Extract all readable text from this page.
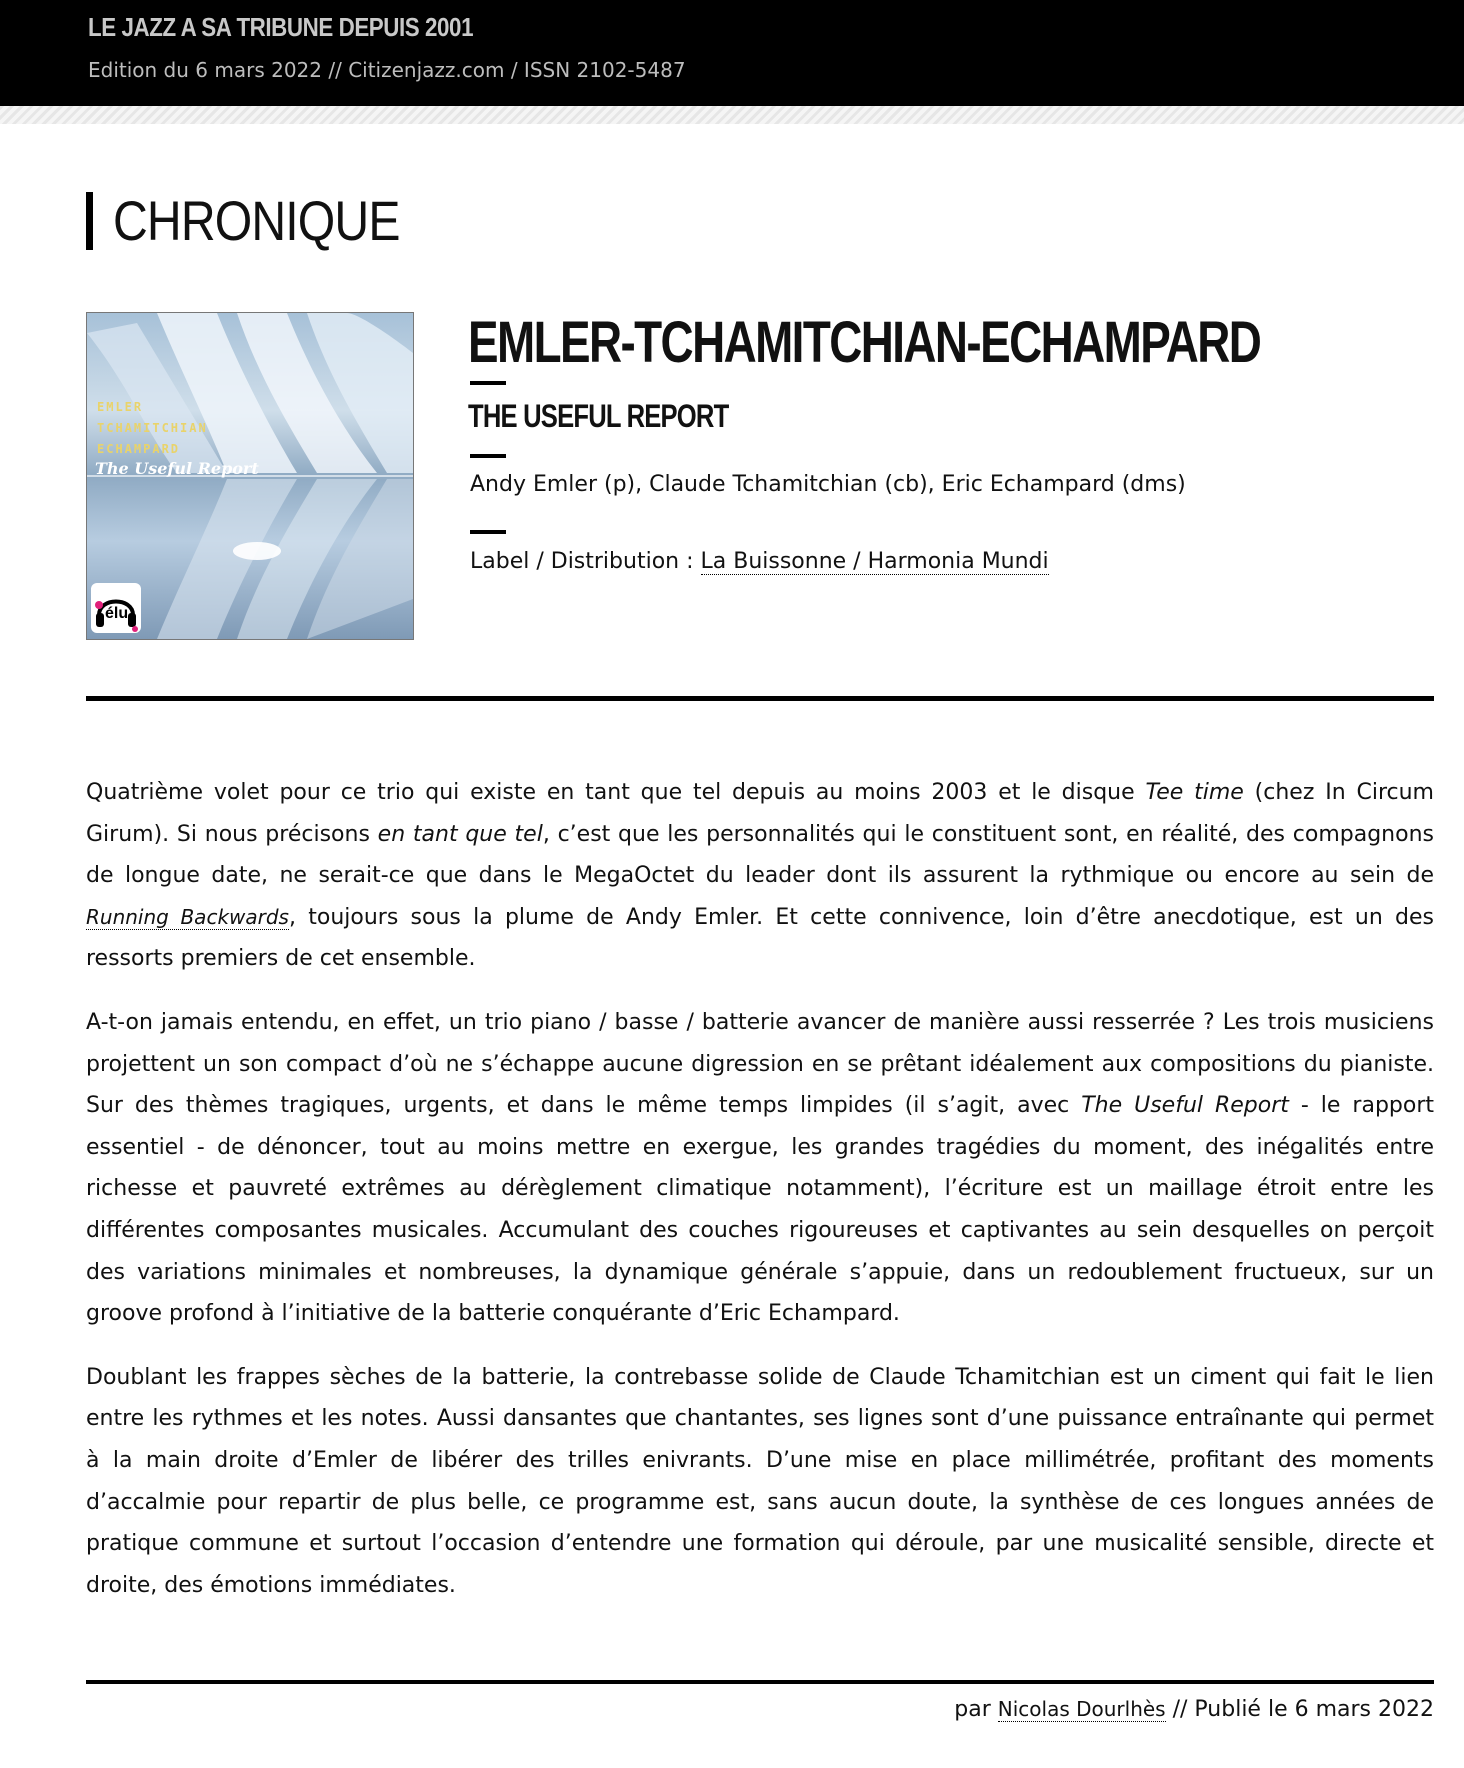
LE JAZZ A SA TRIBUNE DEPUIS 2001
Edition du 6 mars 2022 // Citizenjazz.com / ISSN 2102-5487
CHRONIQUE
EMLER
TCHAMITCHIAN
ECHAMPARD
The Useful Report
élu
EMLER-TCHAMITCHIAN-ECHAMPARD
THE USEFUL REPORT
Andy Emler (p), Claude Tchamitchian (cb), Eric Echampard (dms)
Label / Distribution : La Buissonne / Harmonia Mundi

Quatrième volet pour ce trio qui existe en tant que tel depuis au moins 2003 et le disque Tee time (chez In Circum Girum). Si nous précisons en tant que tel, c’est que les personnalités qui le constituent sont, en réalité, des compagnons de longue date, ne serait-ce que dans le MegaOctet du leader dont ils assurent la rythmique ou encore au sein de Running Backwards, toujours sous la plume de Andy Emler. Et cette connivence, loin d’être anecdotique, est un des ressorts premiers de cet ensemble.

A-t-on jamais entendu, en effet, un trio piano / basse / batterie avancer de manière aussi resserrée ? Les trois musiciens projettent un son compact d’où ne s’échappe aucune digression en se prêtant idéalement aux compositions du pianiste. Sur des thèmes tragiques, urgents, et dans le même temps limpides (il s’agit, avec The Useful Report - le rapport essentiel - de dénoncer, tout au moins mettre en exergue, les grandes tragédies du moment, des inégalités entre richesse et pauvreté extrêmes au dérèglement climatique notamment), l’écriture est un maillage étroit entre les différentes composantes musicales. Accumulant des couches rigoureuses et captivantes au sein desquelles on perçoit des variations minimales et nombreuses, la dynamique générale s’appuie, dans un redoublement fructueux, sur un groove profond à l’initiative de la batterie conquérante d’Eric Echampard.

Doublant les frappes sèches de la batterie, la contrebasse solide de Claude Tchamitchian est un ciment qui fait le lien entre les rythmes et les notes. Aussi dansantes que chantantes, ses lignes sont d’une puissance entraînante qui permet à la main droite d’Emler de libérer des trilles enivrants. D’une mise en place millimétrée, profitant des moments d’accalmie pour repartir de plus belle, ce programme est, sans aucun doute, la synthèse de ces longues années de pratique commune et surtout l’occasion d’entendre une formation qui déroule, par une musicalité sensible, directe et droite, des émotions immédiates.

par Nicolas Dourlhès // Publié le 6 mars 2022
